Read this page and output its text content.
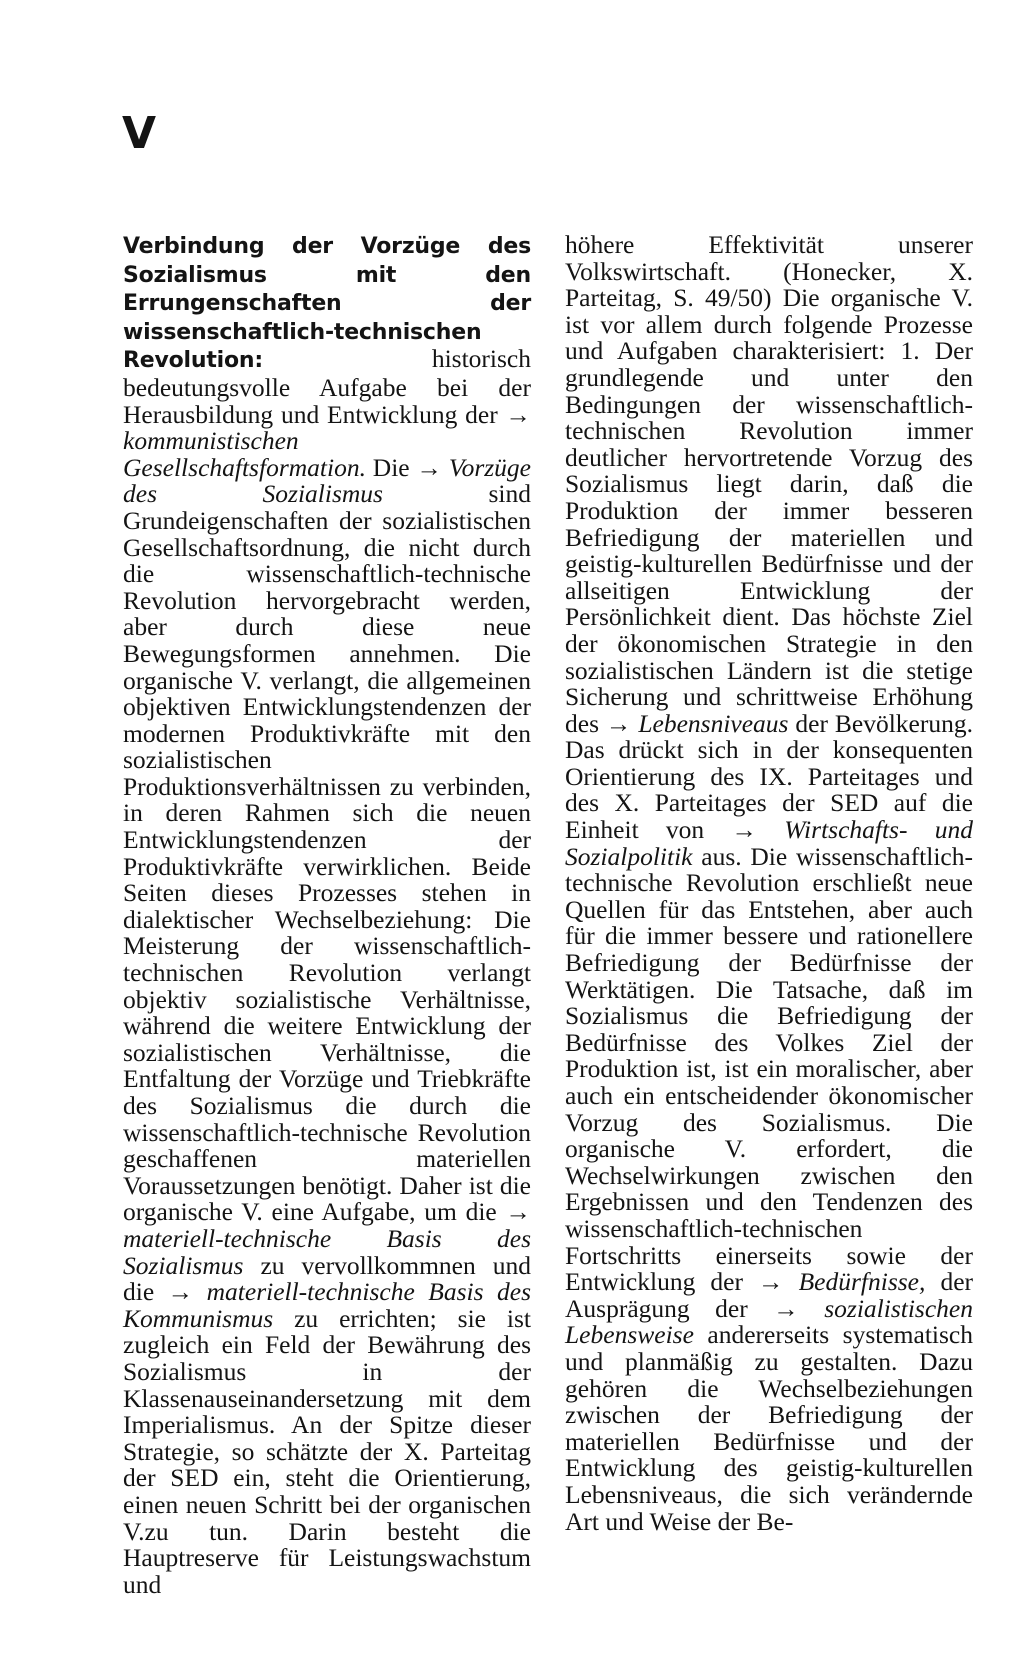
V
Verbindung der Vorzüge des Sozialismus mit den Errungenschaften der wissenschaftlich-technischen Revolution: historisch bedeutungsvolle Aufgabe bei der Herausbildung und Entwicklung der → kommunistischen Gesellschaftsformation. Die → Vorzüge des Sozialismus sind Grundeigenschaften der sozialistischen Gesellschaftsordnung, die nicht durch die wissenschaftlich-technische Revolution hervorgebracht werden, aber durch diese neue Bewegungsformen annehmen. Die organische V. verlangt, die allgemeinen objektiven Entwicklungstendenzen der modernen Produktivkräfte mit den sozialistischen Produktionsverhältnissen zu verbinden, in deren Rahmen sich die neuen Entwicklungstendenzen der Produktivkräfte verwirklichen. Beide Seiten dieses Prozesses stehen in dialektischer Wechselbeziehung: Die Meisterung der wissenschaftlich-technischen Revolution verlangt objektiv sozialistische Verhältnisse, während die weitere Entwicklung der sozialistischen Verhältnisse, die Entfaltung der Vorzüge und Triebkräfte des Sozialismus die durch die wissenschaftlich-technische Revolution geschaffenen materiellen Voraussetzungen benötigt. Daher ist die organische V. eine Aufgabe, um die → materiell-technische Basis des Sozialismus zu vervollkommnen und die → materiell-technische Basis des Kommunismus zu errichten; sie ist zugleich ein Feld der Bewährung des Sozialismus in der Klassenauseinandersetzung mit dem Imperialismus. An der Spitze dieser Strategie, so schätzte der X. Parteitag der SED ein, steht die Orientierung, einen neuen Schritt bei der organischen V.zu tun. Darin besteht die Hauptreserve für Leistungswachstum und
höhere Effektivität unserer Volkswirtschaft. (Honecker, X. Parteitag, S. 49/50) Die organische V. ist vor allem durch folgende Prozesse und Aufgaben charakterisiert: 1. Der grundlegende und unter den Bedingungen der wissenschaftlich-technischen Revolution immer deutlicher hervortretende Vorzug des Sozialismus liegt darin, daß die Produktion der immer besseren Befriedigung der materiellen und geistig-kulturellen Bedürfnisse und der allseitigen Entwicklung der Persönlichkeit dient. Das höchste Ziel der ökonomischen Strategie in den sozialistischen Ländern ist die stetige Sicherung und schrittweise Erhöhung des → Lebensniveaus der Bevölkerung. Das drückt sich in der konsequenten Orientierung des IX. Parteitages und des X. Parteitages der SED auf die Einheit von → Wirtschafts- und Sozialpolitik aus. Die wissenschaftlich-technische Revolution erschließt neue Quellen für das Entstehen, aber auch für die immer bessere und rationellere Befriedigung der Bedürfnisse der Werktätigen. Die Tatsache, daß im Sozialismus die Befriedigung der Bedürfnisse des Volkes Ziel der Produktion ist, ist ein moralischer, aber auch ein entscheidender ökonomischer Vorzug des Sozialismus. Die organische V. erfordert, die Wechselwirkungen zwischen den Ergebnissen und den Tendenzen des wissenschaftlich-technischen Fortschritts einerseits sowie der Entwicklung der → Bedürfnisse, der Ausprägung der → sozialistischen Lebensweise andererseits systematisch und planmäßig zu gestalten. Dazu gehören die Wechselbeziehungen zwischen der Befriedigung der materiellen Bedürfnisse und der Entwicklung des geistig-kulturellen Lebensniveaus, die sich verändernde Art und Weise der Be-
